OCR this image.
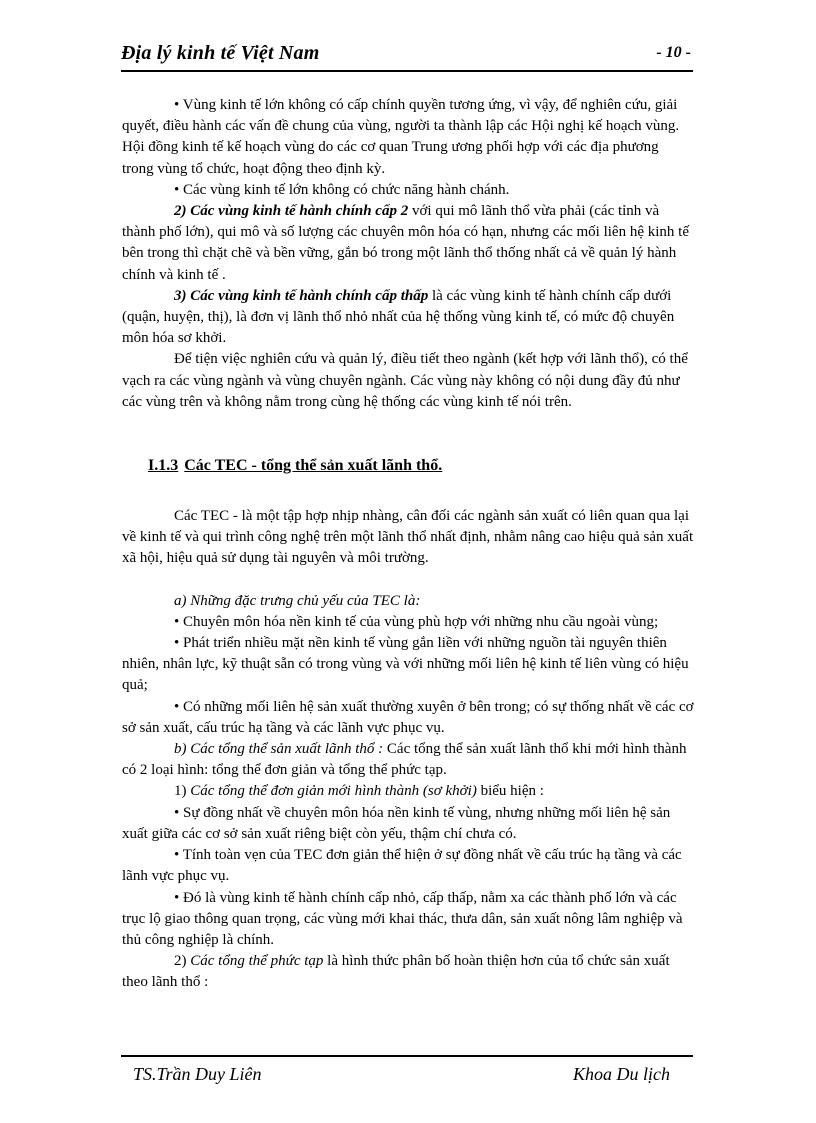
Địa lý kinh tế Việt Nam	- 10 -

• Vùng kinh tế lớn không có cấp chính quyền tương ứng, vì vậy, để nghiên cứu, giải quyết, điều hành các vấn đề chung của vùng, người ta thành lập các Hội nghị kế hoạch vùng. Hội đồng kinh tế kế hoạch vùng do các cơ quan Trung ương phối hợp với các địa phương trong vùng tổ chức, hoạt động theo định kỳ.

• Các vùng kinh tế lớn không có chức năng hành chánh.

2) Các vùng kinh tế hành chính cấp 2 với qui mô lãnh thổ vừa phải (các tỉnh và thành phố lớn), qui mô và số lượng các chuyên môn hóa có hạn, nhưng các mối liên hệ kinh tế bên trong thì chặt chẽ và bền vững, gắn bó trong một lãnh thổ thống nhất cả về quản lý hành chính và kinh tế .

3) Các vùng kinh tế hành chính cấp thấp là các vùng kinh tế hành chính cấp dưới (quận, huyện, thị), là đơn vị lãnh thổ nhỏ nhất của hệ thống vùng kinh tế, có mức độ chuyên môn hóa sơ khởi.

Để tiện việc nghiên cứu và quản lý, điều tiết theo ngành (kết hợp với lãnh thổ), có thể vạch ra các vùng ngành và vùng chuyên ngành. Các vùng này không có nội dung đầy đủ như các vùng trên và không nằm trong cùng hệ thống các vùng kinh tế nói trên.

I.1.3 Các TEC - tổng thể sản xuất lãnh thổ.

Các TEC - là một tập hợp nhịp nhàng, cân đối các ngành sản xuất có liên quan qua lại về kinh tế và qui trình công nghệ trên một lãnh thổ nhất định, nhằm nâng cao hiệu quả sản xuất xã hội, hiệu quả sử dụng tài nguyên và môi trường.

a) Những đặc trưng chủ yếu của TEC là:

• Chuyên môn hóa nền kinh tế của vùng phù hợp với những nhu cầu ngoài vùng;

• Phát triển nhiều mặt nền kinh tế vùng gắn liền với những nguồn tài nguyên thiên nhiên, nhân lực, kỹ thuật sẵn có trong vùng và với những mối liên hệ kinh tế liên vùng có hiệu quả;

• Có những mối liên hệ sản xuất thường xuyên ở bên trong; có sự thống nhất về các cơ sở sản xuất, cấu trúc hạ tầng và các lãnh vực phục vụ.

b) Các tổng thể sản xuất lãnh thổ : Các tổng thể sản xuất lãnh thổ khi mới hình thành có 2 loại hình: tổng thể đơn giản và tổng thể phức tạp.

1) Các tổng thể đơn giản mới hình thành (sơ khởi) biểu hiện :

• Sự đồng nhất về chuyên môn hóa nền kinh tế vùng, nhưng những mối liên hệ sản xuất giữa các cơ sở sản xuất riêng biệt còn yếu, thậm chí chưa có.

• Tính toàn vẹn của TEC đơn giản thể hiện ở sự đồng nhất về cấu trúc hạ tầng và các lãnh vực phục vụ.

• Đó là vùng kinh tế hành chính cấp nhỏ, cấp thấp, nằm xa các thành phố lớn và các trục lộ giao thông quan trọng, các vùng mới khai thác, thưa dân, sản xuất nông lâm nghiệp và thủ công nghiệp là chính.

2) Các tổng thể phức tạp là hình thức phân bố hoàn thiện hơn của tổ chức sản xuất theo lãnh thổ :

TS.Trần Duy Liên	Khoa Du lịch
